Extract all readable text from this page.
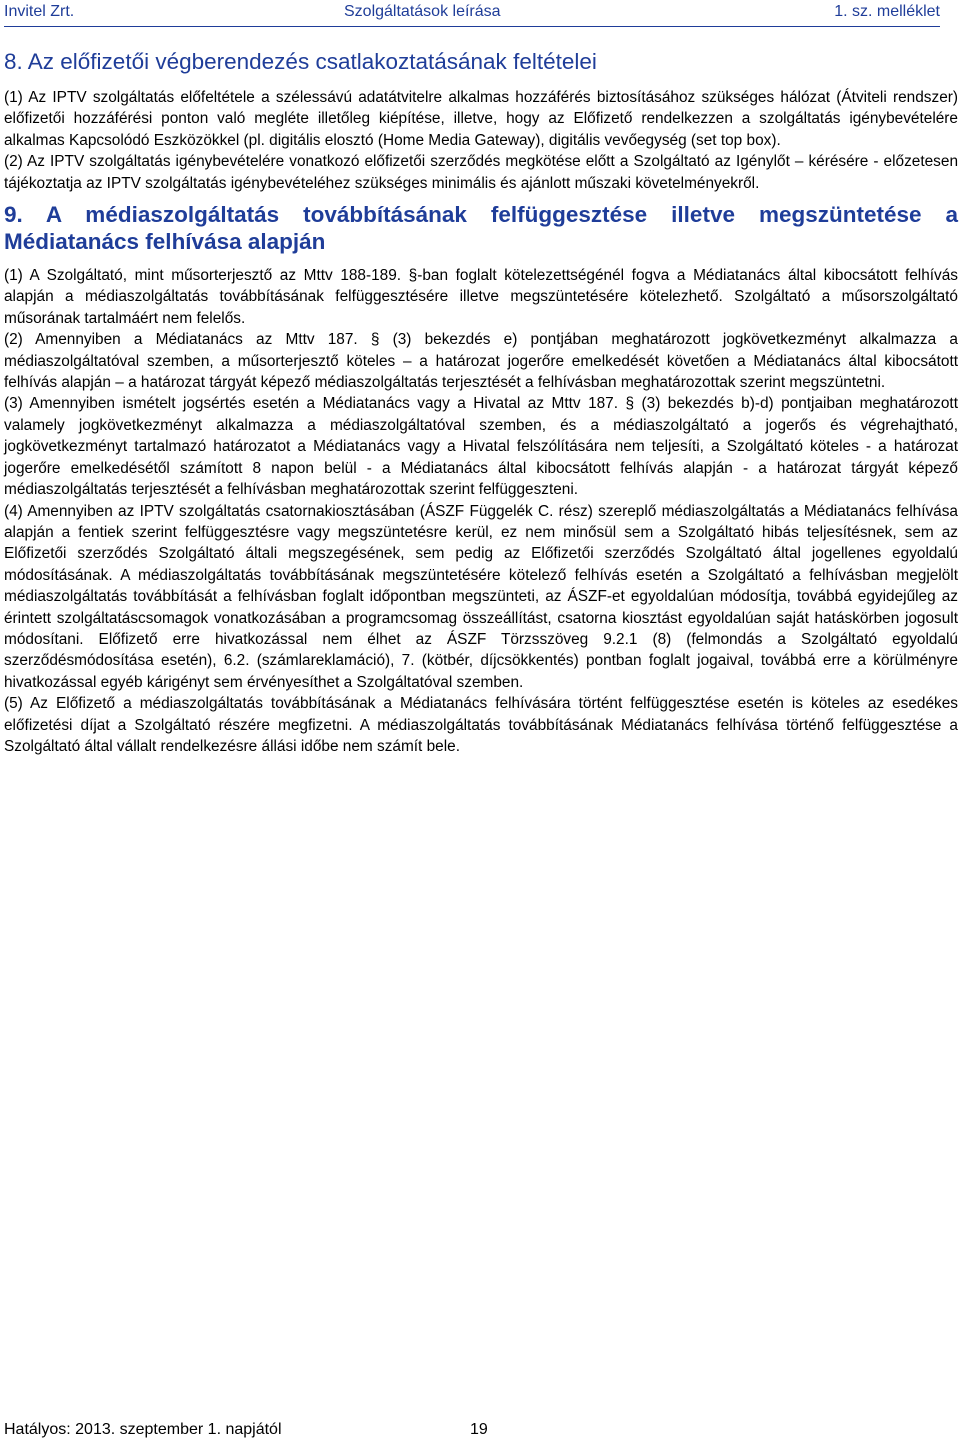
Invitel Zrt.	Szolgáltatások leírása	1. sz. melléklet
8. Az előfizetői végberendezés csatlakoztatásának feltételei

(1) Az IPTV szolgáltatás előfeltétele a szélessávú adatátvitelre alkalmas hozzáférés biztosításához szükséges hálózat (Átviteli rendszer) előfizetői hozzáférési ponton való megléte illetőleg kiépítése, illetve, hogy az Előfizető rendelkezzen a szolgáltatás igénybevételére alkalmas Kapcsolódó Eszközökkel (pl. digitális elosztó (Home Media Gateway), digitális vevőegység (set top box).

(2) Az IPTV szolgáltatás igénybevételére vonatkozó előfizetői szerződés megkötése előtt a Szolgáltató az Igénylőt – kérésére - előzetesen tájékoztatja az IPTV szolgáltatás igénybevételéhez szükséges minimális és ajánlott műszaki követelményekről.

9. A médiaszolgáltatás továbbításának felfüggesztése illetve megszüntetése a Médiatanács felhívása alapján

(1) A Szolgáltató, mint műsorterjesztő az Mttv 188-189. §-ban foglalt kötelezettségénél fogva a Médiatanács által kibocsátott felhívás alapján a médiaszolgáltatás továbbításának felfüggesztésére illetve megszüntetésére kötelezhető. Szolgáltató a műsorszolgáltató műsorának tartalmáért nem felelős.

(2) Amennyiben a Médiatanács az Mttv 187. § (3) bekezdés e) pontjában meghatározott jogkövetkezményt alkalmazza a médiaszolgáltatóval szemben, a műsorterjesztő köteles – a határozat jogerőre emelkedését követően a Médiatanács által kibocsátott felhívás alapján – a határozat tárgyát képező médiaszolgáltatás terjesztését a felhívásban meghatározottak szerint megszüntetni.

(3) Amennyiben ismételt jogsértés esetén a Médiatanács vagy a Hivatal az Mttv 187. § (3) bekezdés b)-d) pontjaiban meghatározott valamely jogkövetkezményt alkalmazza a médiaszolgáltatóval szemben, és a médiaszolgáltató a jogerős és végrehajtható, jogkövetkezményt tartalmazó határozatot a Médiatanács vagy a Hivatal felszólítására nem teljesíti, a Szolgáltató köteles - a határozat jogerőre emelkedésétől számított 8 napon belül - a Médiatanács által kibocsátott felhívás alapján - a határozat tárgyát képező médiaszolgáltatás terjesztését a felhívásban meghatározottak szerint felfüggeszteni.

(4) Amennyiben az IPTV szolgáltatás csatornakiosztásában (ÁSZF Függelék C. rész) szereplő médiaszolgáltatás a Médiatanács felhívása alapján a fentiek szerint felfüggesztésre vagy megszüntetésre kerül, ez nem minősül sem a Szolgáltató hibás teljesítésnek, sem az Előfizetői szerződés Szolgáltató általi megszegésének, sem pedig az Előfizetői szerződés Szolgáltató által jogellenes egyoldalú módosításának. A médiaszolgáltatás továbbításának megszüntetésére kötelező felhívás esetén a Szolgáltató a felhívásban megjelölt médiaszolgáltatás továbbítását a felhívásban foglalt időpontban megszünteti, az ÁSZF-et egyoldalúan módosítja, továbbá egyidejűleg az érintett szolgáltatáscsomagok vonatkozásában a programcsomag összeállítást, csatorna kiosztást egyoldalúan saját hatáskörben jogosult módosítani. Előfizető erre hivatkozással nem élhet az ÁSZF Törzsszöveg 9.2.1 (8) (felmondás a Szolgáltató egyoldalú szerződésmódosítása esetén), 6.2. (számlareklamáció), 7. (kötbér, díjcsökkentés) pontban foglalt jogaival, továbbá erre a körülményre hivatkozással egyéb kárigényt sem érvényesíthet a Szolgáltatóval szemben.

(5) Az Előfizető a médiaszolgáltatás továbbításának a Médiatanács felhívására történt felfüggesztése esetén is köteles az esedékes előfizetési díjat a Szolgáltató részére megfizetni. A médiaszolgáltatás továbbításának Médiatanács felhívása történő felfüggesztése a Szolgáltató által vállalt rendelkezésre állási időbe nem számít bele.

Hatályos: 2013. szeptember 1. napjától	19
